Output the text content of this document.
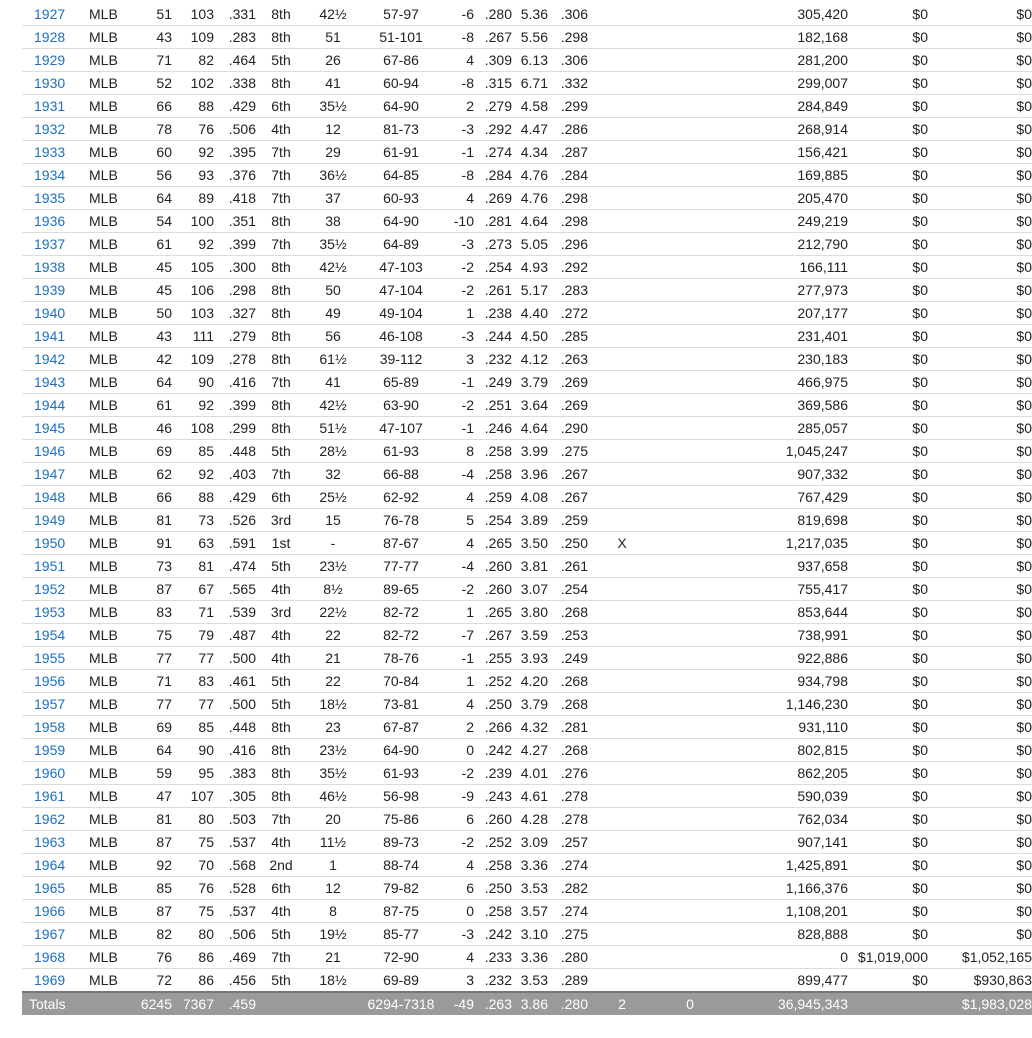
1927	MLB	51	103	.331	8th	42½	57-97	-6	.280	5.36	.306			305,420	$0	$0
1928	MLB	43	109	.283	8th	51	51-101	-8	.267	5.56	.298			182,168	$0	$0
1929	MLB	71	82	.464	5th	26	67-86	4	.309	6.13	.306			281,200	$0	$0
1930	MLB	52	102	.338	8th	41	60-94	-8	.315	6.71	.332			299,007	$0	$0
1931	MLB	66	88	.429	6th	35½	64-90	2	.279	4.58	.299			284,849	$0	$0
1932	MLB	78	76	.506	4th	12	81-73	-3	.292	4.47	.286			268,914	$0	$0
1933	MLB	60	92	.395	7th	29	61-91	-1	.274	4.34	.287			156,421	$0	$0
1934	MLB	56	93	.376	7th	36½	64-85	-8	.284	4.76	.284			169,885	$0	$0
1935	MLB	64	89	.418	7th	37	60-93	4	.269	4.76	.298			205,470	$0	$0
1936	MLB	54	100	.351	8th	38	64-90	-10	.281	4.64	.298			249,219	$0	$0
1937	MLB	61	92	.399	7th	35½	64-89	-3	.273	5.05	.296			212,790	$0	$0
1938	MLB	45	105	.300	8th	42½	47-103	-2	.254	4.93	.292			166,111	$0	$0
1939	MLB	45	106	.298	8th	50	47-104	-2	.261	5.17	.283			277,973	$0	$0
1940	MLB	50	103	.327	8th	49	49-104	1	.238	4.40	.272			207,177	$0	$0
1941	MLB	43	111	.279	8th	56	46-108	-3	.244	4.50	.285			231,401	$0	$0
1942	MLB	42	109	.278	8th	61½	39-112	3	.232	4.12	.263			230,183	$0	$0
1943	MLB	64	90	.416	7th	41	65-89	-1	.249	3.79	.269			466,975	$0	$0
1944	MLB	61	92	.399	8th	42½	63-90	-2	.251	3.64	.269			369,586	$0	$0
1945	MLB	46	108	.299	8th	51½	47-107	-1	.246	4.64	.290			285,057	$0	$0
1946	MLB	69	85	.448	5th	28½	61-93	8	.258	3.99	.275			1,045,247	$0	$0
1947	MLB	62	92	.403	7th	32	66-88	-4	.258	3.96	.267			907,332	$0	$0
1948	MLB	66	88	.429	6th	25½	62-92	4	.259	4.08	.267			767,429	$0	$0
1949	MLB	81	73	.526	3rd	15	76-78	5	.254	3.89	.259			819,698	$0	$0
1950	MLB	91	63	.591	1st	-	87-67	4	.265	3.50	.250	X		1,217,035	$0	$0
1951	MLB	73	81	.474	5th	23½	77-77	-4	.260	3.81	.261			937,658	$0	$0
1952	MLB	87	67	.565	4th	8½	89-65	-2	.260	3.07	.254			755,417	$0	$0
1953	MLB	83	71	.539	3rd	22½	82-72	1	.265	3.80	.268			853,644	$0	$0
1954	MLB	75	79	.487	4th	22	82-72	-7	.267	3.59	.253			738,991	$0	$0
1955	MLB	77	77	.500	4th	21	78-76	-1	.255	3.93	.249			922,886	$0	$0
1956	MLB	71	83	.461	5th	22	70-84	1	.252	4.20	.268			934,798	$0	$0
1957	MLB	77	77	.500	5th	18½	73-81	4	.250	3.79	.268			1,146,230	$0	$0
1958	MLB	69	85	.448	8th	23	67-87	2	.266	4.32	.281			931,110	$0	$0
1959	MLB	64	90	.416	8th	23½	64-90	0	.242	4.27	.268			802,815	$0	$0
1960	MLB	59	95	.383	8th	35½	61-93	-2	.239	4.01	.276			862,205	$0	$0
1961	MLB	47	107	.305	8th	46½	56-98	-9	.243	4.61	.278			590,039	$0	$0
1962	MLB	81	80	.503	7th	20	75-86	6	.260	4.28	.278			762,034	$0	$0
1963	MLB	87	75	.537	4th	11½	89-73	-2	.252	3.09	.257			907,141	$0	$0
1964	MLB	92	70	.568	2nd	1	88-74	4	.258	3.36	.274			1,425,891	$0	$0
1965	MLB	85	76	.528	6th	12	79-82	6	.250	3.53	.282			1,166,376	$0	$0
1966	MLB	87	75	.537	4th	8	87-75	0	.258	3.57	.274			1,108,201	$0	$0
1967	MLB	82	80	.506	5th	19½	85-77	-3	.242	3.10	.275			828,888	$0	$0
1968	MLB	76	86	.469	7th	21	72-90	4	.233	3.36	.280			0	$1,019,000	$1,052,165
1969	MLB	72	86	.456	5th	18½	69-89	3	.232	3.53	.289			899,477	$0	$930,863
Totals		6245	7367	.459			6294-7318	-49	.263	3.86	.280	2	0	36,945,343		$1,983,028
